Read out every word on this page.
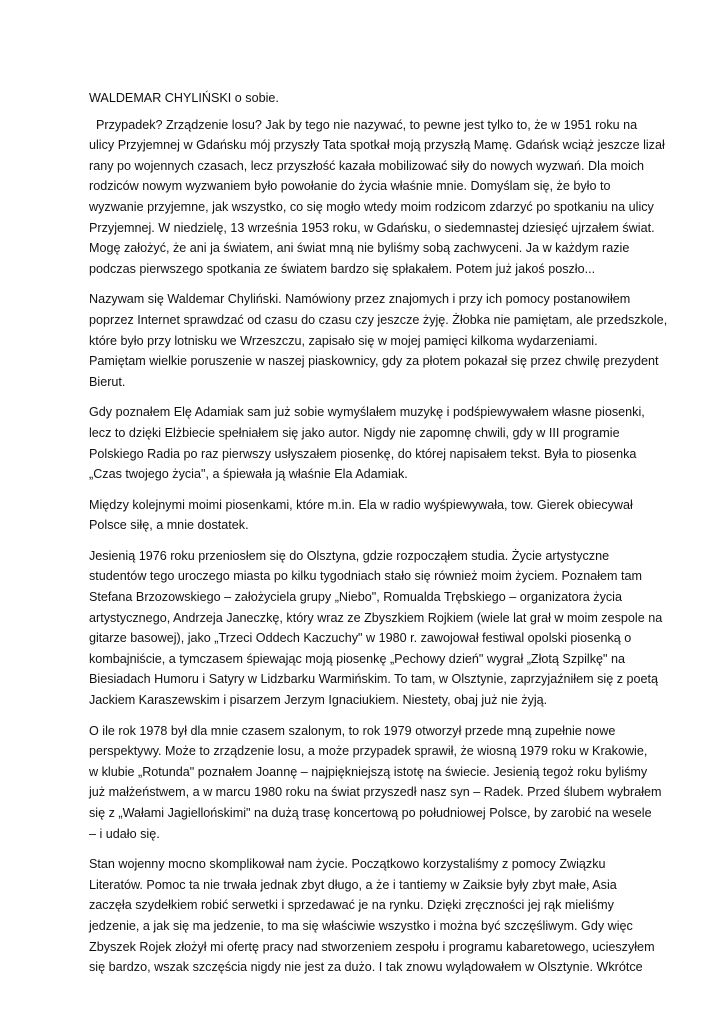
WALDEMAR CHYLIŃSKI o sobie.
Przypadek? Zrządzenie losu? Jak by tego nie nazywać, to pewne jest tylko to, że w 1951 roku na
ulicy Przyjemnej w Gdańsku mój przyszły Tata spotkał moją przyszłą Mamę. Gdańsk wciąż jeszcze lizał
rany po wojennych czasach, lecz przyszłość kazała mobilizować siły do nowych wyzwań. Dla moich
rodziców nowym wyzwaniem było powołanie do życia właśnie mnie. Domyślam się, że było to
wyzwanie przyjemne, jak wszystko, co się mogło wtedy moim rodzicom zdarzyć po spotkaniu na ulicy
Przyjemnej. W niedzielę, 13 września 1953 roku, w Gdańsku, o siedemnastej dziesięć ujrzałem świat.
Mogę założyć, że ani ja światem, ani świat mną nie byliśmy sobą zachwyceni. Ja w każdym razie
podczas pierwszego spotkania ze światem bardzo się spłakałem. Potem już jakoś poszło...
Nazywam się Waldemar Chyliński. Namówiony przez znajomych i przy ich pomocy postanowiłem
poprzez Internet sprawdzać od czasu do czasu czy jeszcze żyję. Żłobka nie pamiętam, ale przedszkole,
które było przy lotnisku we Wrzeszczu, zapisało się w mojej pamięci kilkoma wydarzeniami.
Pamiętam wielkie poruszenie w naszej piaskownicy, gdy za płotem pokazał się przez chwilę prezydent
Bierut.
Gdy poznałem Elę Adamiak sam już sobie wymyślałem muzykę i podśpiewywałem własne piosenki,
lecz to dzięki Elżbiecie spełniałem się jako autor. Nigdy nie zapomnę chwili, gdy w III programie
Polskiego Radia po raz pierwszy usłyszałem piosenkę, do której napisałem tekst. Była to piosenka
„Czas twojego życia", a śpiewała ją właśnie Ela Adamiak.
Między kolejnymi moimi piosenkami, które m.in. Ela w radio wyśpiewywała, tow. Gierek obiecywał
Polsce siłę, a mnie dostatek.
Jesienią 1976 roku przeniosłem się do Olsztyna, gdzie rozpocząłem studia. Życie artystyczne
studentów tego uroczego miasta po kilku tygodniach stało się również moim życiem. Poznałem tam
Stefana Brzozowskiego – założyciela grupy „Niebo", Romualda Trębskiego – organizatora życia
artystycznego, Andrzeja Janeczkę, który wraz ze Zbyszkiem Rojkiem (wiele lat grał w moim zespole na
gitarze basowej), jako „Trzeci Oddech Kaczuchy" w 1980 r. zawojował festiwal opolski piosenką o
kombajniście, a tymczasem śpiewając moją piosenkę „Pechowy dzień" wygrał „Złotą Szpilkę" na
Biesiadach Humoru i Satyry w Lidzbarku Warmińskim. To tam, w Olsztynie, zaprzyjaźniłem się z poetą
Jackiem Karaszewskim i pisarzem Jerzym Ignaciukiem. Niestety, obaj już nie żyją.
O ile rok 1978 był dla mnie czasem szalonym, to rok 1979 otworzył przede mną zupełnie nowe
perspektywy. Może to zrządzenie losu, a może przypadek sprawił, że wiosną 1979 roku w Krakowie,
w klubie „Rotunda" poznałem Joannę – najpiękniejszą istotę na świecie. Jesienią tegoż roku byliśmy
już małżeństwem, a w marcu 1980 roku na świat przyszedł nasz syn – Radek. Przed ślubem wybrałem
się z „Wałami Jagiellońskimi" na dużą trasę koncertową po południowej Polsce, by zarobić na wesele
– i udało się.
Stan wojenny mocno skomplikował nam życie. Początkowo korzystaliśmy z pomocy Związku
Literatów. Pomoc ta nie trwała jednak zbyt długo, a że i tantiemy w Zaiksie były zbyt małe, Asia
zaczęła szydełkiem robić serwetki i sprzedawać je na rynku. Dzięki zręczności jej rąk mieliśmy
jedzenie, a jak się ma jedzenie, to ma się właściwie wszystko i można być szczęśliwym. Gdy więc
Zbyszek Rojek złożył mi ofertę pracy nad stworzeniem zespołu i programu kabaretowego, ucieszyłem
się bardzo, wszak szczęścia nigdy nie jest za dużo. I tak znowu wylądowałem w Olsztynie. Wkrótce
